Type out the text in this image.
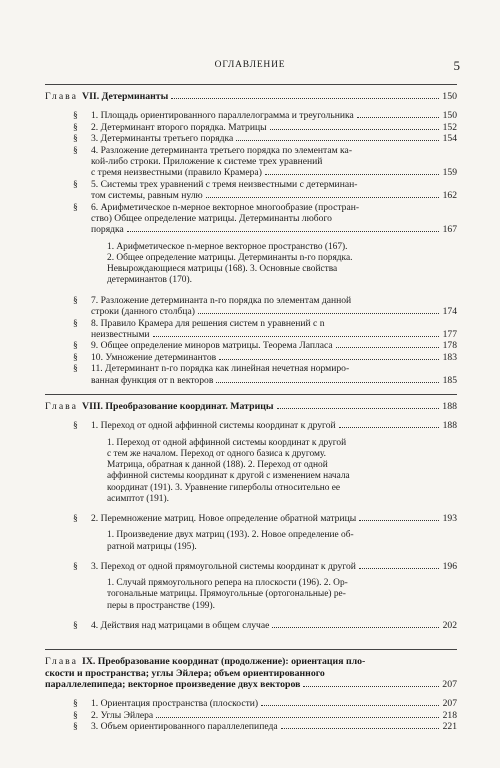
ОГЛАВЛЕНИЕ	5
Глава VII. Детерминанты	150
§	1. Площадь ориентированного параллелограмма и треугольника	150
§	2. Детерминант второго порядка. Матрицы	152
§	3. Детерминанты третьего порядка	154
§	4. Разложение детерминанта третьего порядка по элементам ка-
кой-либо строки. Приложение к системе трех уравнений
с тремя неизвестными (правило Крамера)	159
§	5. Системы трех уравнений с тремя неизвестными с детерминан-
том системы, равным нулю	162
§	6. Арифметическое n-мерное векторное многообразие (простран-
ство) Общее определение матрицы. Детерминанты любого
порядка	167
1. Арифметическое n-мерное векторное пространство (167).
2. Общее определение матрицы. Детерминанты n-го порядка.
Невырождающиеся матрицы (168). 3. Основные свойства
детерминантов (170).
§	7. Разложение детерминанта n-го порядка по элементам данной
строки (данного столбца)	174
§	8. Правило Крамера для решения систем n уравнений с n
неизвестными	177
§	9. Общее определение миноров матрицы. Теорема Лапласа	178
§	10. Умножение детерминантов	183
§	11. Детерминант n-го порядка как линейная нечетная нормиро-
ванная функция от n векторов	185
Глава VIII. Преобразование координат. Матрицы	188
§	1. Переход от одной аффинной системы координат к другой	188
1. Переход от одной аффинной системы координат к другой
с тем же началом. Переход от одного базиса к другому.
Матрица, обратная к данной (188). 2. Переход от одной
аффинной системы координат к другой с изменением начала
координат (191). 3. Уравнение гиперболы относительно ее
асимптот (191).
§	2. Перемножение матриц. Новое определение обратной матрицы	193
1. Произведение двух матриц (193). 2. Новое определение об-
ратной матрицы (195).
§	3. Переход от одной прямоугольной системы координат к другой	196
1. Случай прямоугольного репера на плоскости (196). 2. Ор-
тогональные матрицы. Прямоугольные (ортогональные) ре-
перы в пространстве (199).
§	4. Действия над матрицами в общем случае	202
Глава IX. Преобразование координат (продолжение): ориентация пло-
скости и пространства; углы Эйлера; объем ориентированного
параллелепипеда; векторное произведение двух векторов	207
§	1. Ориентация пространства (плоскости)	207
§	2. Углы Эйлера	218
§	3. Объем ориентированного параллелепипеда	221
